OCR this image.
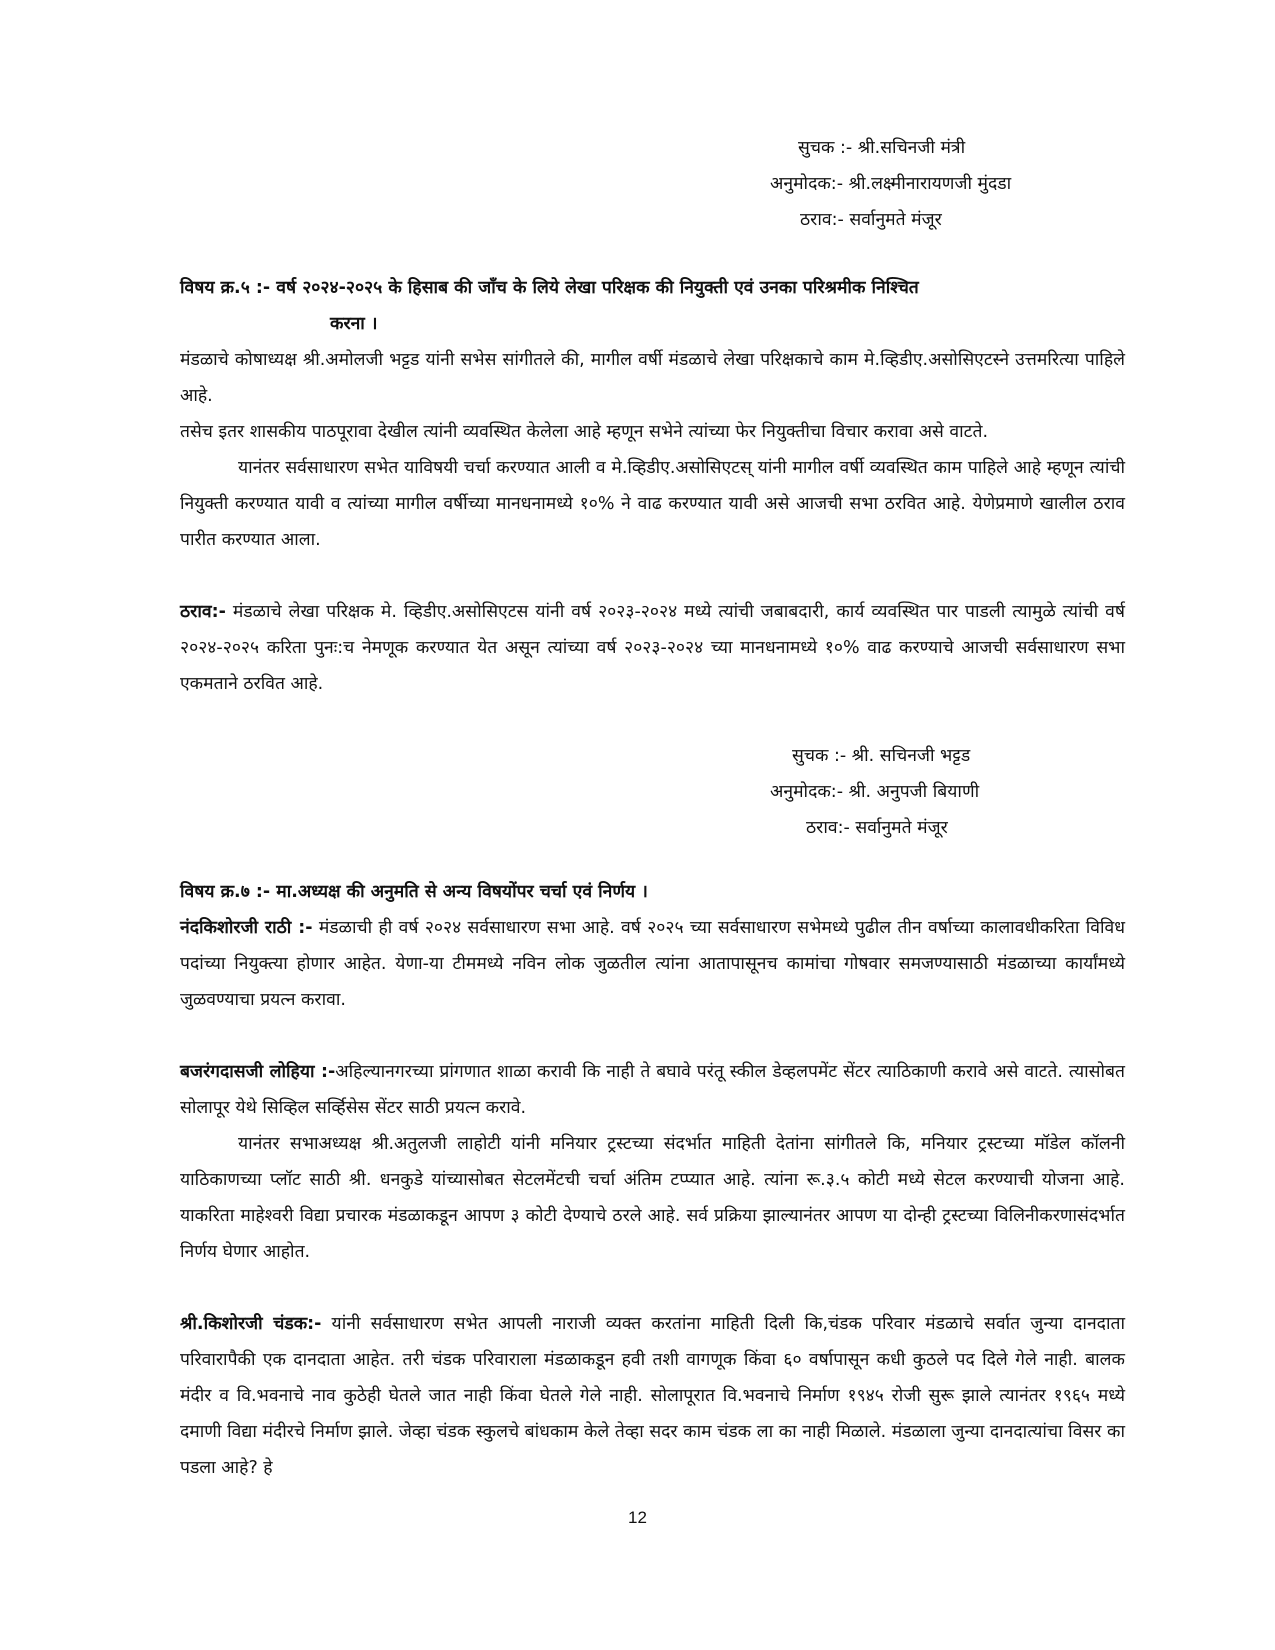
सुचक :- श्री.सचिनजी मंत्री
अनुमोदक:- श्री.लक्ष्मीनारायणजी मुंदडा
ठराव:- सर्वानुमते मंजूर
विषय क्र.५ :- वर्ष २०२४-२०२५ के हिसाब की जाँच के लिये लेखा परिक्षक की नियुक्ती एवं उनका परिश्रमीक निश्चित
करना ।

मंडळाचे कोषाध्यक्ष श्री.अमोलजी भट्टड यांनी सभेस सांगीतले की, मागील वर्षी मंडळाचे लेखा परिक्षकाचे काम मे.व्हिडीए.असोसिएटस्ने उत्तमरित्या पाहिले आहे.

तसेच इतर शासकीय पाठपूरावा देखील त्यांनी व्यवस्थित केलेला आहे म्हणून सभेने त्यांच्या फेर नियुक्तीचा विचार करावा असे वाटते.

यानंतर सर्वसाधारण सभेत याविषयी चर्चा करण्यात आली व मे.व्हिडीए.असोसिएटस् यांनी मागील वर्षी व्यवस्थित काम पाहिले आहे म्हणून त्यांची नियुक्ती करण्यात यावी व त्यांच्या मागील वर्षीच्या मानधनामध्ये १०% ने वाढ करण्यात यावी असे आजची सभा ठरवित आहे. येणेप्रमाणे खालील ठराव पारीत करण्यात आला.

ठराव:- मंडळाचे लेखा परिक्षक मे. व्हिडीए.असोसिएटस यांनी वर्ष २०२३-२०२४ मध्ये त्यांची जबाबदारी, कार्य व्यवस्थित पार पाडली त्यामुळे त्यांची वर्ष २०२४-२०२५ करिता पुनः:च नेमणूक करण्यात येत असून त्यांच्या वर्ष २०२३-२०२४ च्या मानधनामध्ये १०% वाढ करण्याचे आजची सर्वसाधारण सभा एकमताने ठरवित आहे.

सुचक :- श्री. सचिनजी भट्टड
अनुमोदक:- श्री. अनुपजी बियाणी
ठराव:- सर्वानुमते मंजूर
विषय क्र.७ :- मा.अध्यक्ष की अनुमति से अन्य विषयोंपर चर्चा एवं निर्णय ।

नंदकिशोरजी राठी :- मंडळाची ही वर्ष २०२४ सर्वसाधारण सभा आहे. वर्ष २०२५ च्या सर्वसाधारण सभेमध्ये पुढील तीन वर्षाच्या कालावधीकरिता विविध पदांच्या नियुक्त्या होणार आहेत. येणा-या टीममध्ये नविन लोक जुळतील त्यांना आतापासूनच कामांचा गोषवार समजण्यासाठी मंडळाच्या कार्यांमध्ये जुळवण्याचा प्रयत्न करावा.

बजरंगदासजी लोहिया :-अहिल्यानगरच्या प्रांगणात शाळा करावी कि नाही ते बघावे परंतू स्कील डेव्हलपमेंट सेंटर त्याठिकाणी करावे असे वाटते. त्यासोबत सोलापूर येथे सिव्हिल सर्व्हिसेस सेंटर साठी प्रयत्न करावे.

यानंतर सभाअध्यक्ष श्री.अतुलजी लाहोटी यांनी मनियार ट्रस्टच्या संदर्भात माहिती देतांना सांगीतले कि, मनियार ट्रस्टच्या मॉडेल कॉलनी याठिकाणच्या प्लॉट साठी श्री. धनकुडे यांच्यासोबत सेटलमेंटची चर्चा अंतिम टप्प्यात आहे. त्यांना रू.३.५ कोटी मध्ये सेटल करण्याची योजना आहे. याकरिता माहेश्वरी विद्या प्रचारक मंडळाकडून आपण ३ कोटी देण्याचे ठरले आहे. सर्व प्रक्रिया झाल्यानंतर आपण या दोन्ही ट्रस्टच्या विलिनीकरणासंदर्भात निर्णय घेणार आहोत.

श्री.किशोरजी चंडक:- यांनी सर्वसाधारण सभेत आपली नाराजी व्यक्त करतांना माहिती दिली कि,चंडक परिवार मंडळाचे सर्वात जुन्या दानदाता परिवारापैकी एक दानदाता आहेत. तरी चंडक परिवाराला मंडळाकडून हवी तशी वागणूक किंवा ६० वर्षापासून कधी कुठले पद दिले गेले नाही. बालक मंदीर व वि.भवनाचे नाव कुठेही घेतले जात नाही किंवा घेतले गेले नाही. सोलापूरात वि.भवनाचे निर्माण १९४५ रोजी सुरू झाले त्यानंतर १९६५ मध्ये दमाणी विद्या मंदीरचे निर्माण झाले. जेव्हा चंडक स्कुलचे बांधकाम केले तेव्हा सदर काम चंडक ला का नाही मिळाले. मंडळाला जुन्या दानदात्यांचा विसर का पडला आहे? हे

12
